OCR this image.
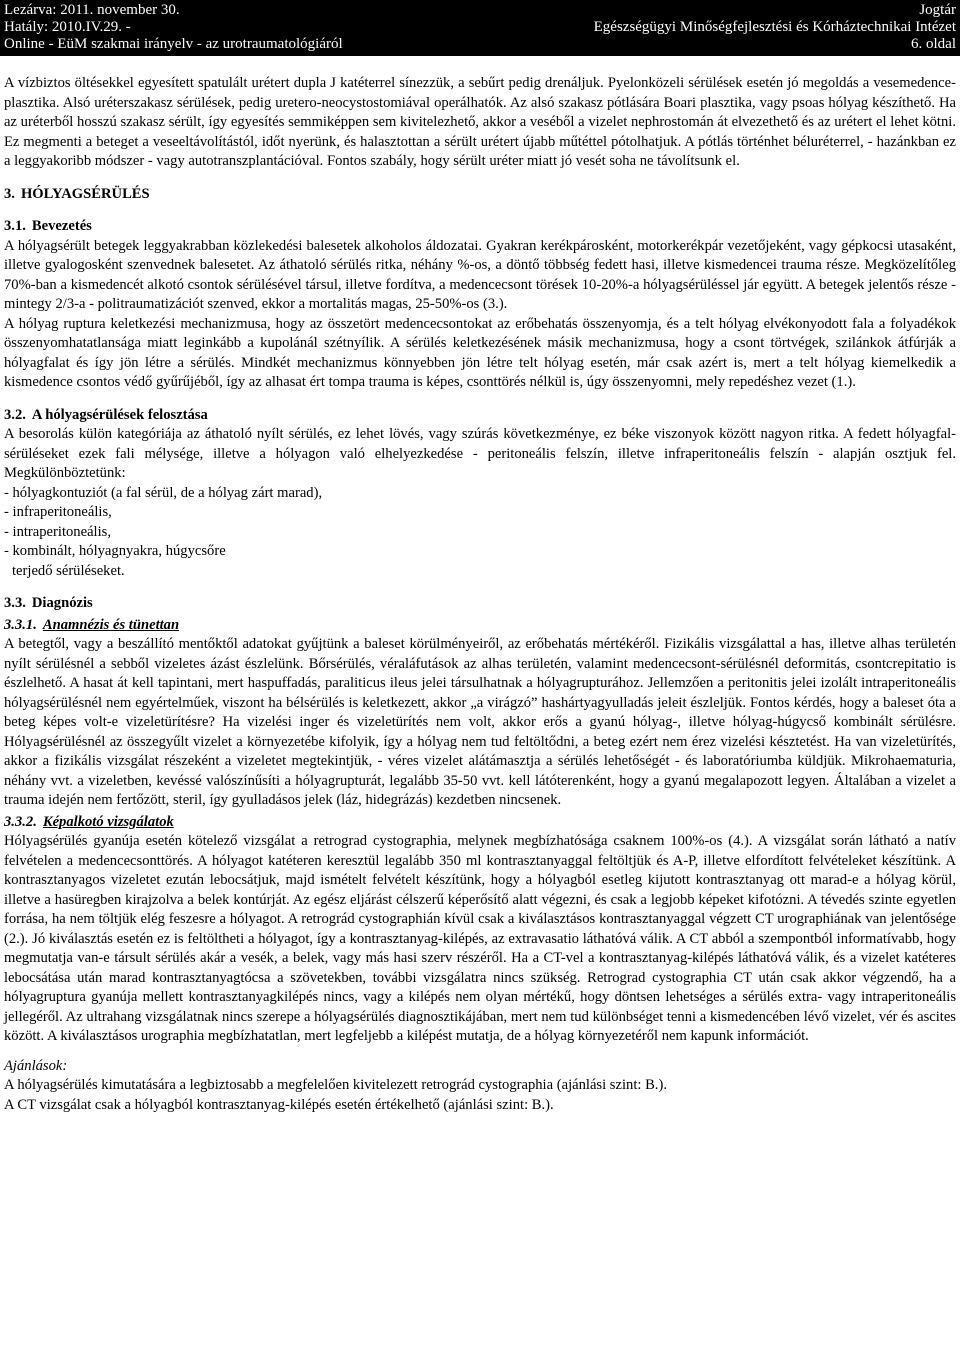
Lezárva: 2011. november 30.
Hatály: 2010.IV.29. -
Online - EüM szakmai irányelv - az urotraumatológiáról
Jogtár
Egészségügyi Minőségfejlesztési és Kórháztechnikai Intézet
6. oldal

A vízbiztos öltésekkel egyesített spatulált urétert dupla J katéterrel sínezzük, a sebűrt pedig drenáljuk. Pyelonközeli sérülések esetén jó megoldás a vesemedence-plasztika. Alsó uréterszakasz sérülések, pedig uretero-neocystostomiával operálhatók. Az alsó szakasz pótlására Boari plasztika, vagy psoas hólyag készíthető. Ha az uréterből hosszú szakasz sérült, így egyesítés semmiképpen sem kivitelezhető, akkor a veséből a vizelet nephrostomán át elvezethető és az urétert el lehet kötni. Ez megmenti a beteget a veseeltávolítástól, időt nyerünk, és halasztottan a sérült urétert újabb műtéttel pótolhatjuk. A pótlás történhet béluréterrel, - hazánkban ez a leggyakoribb módszer - vagy autotranszplantációval. Fontos szabály, hogy sérült uréter miatt jó vesét soha ne távolítsunk el.

3. HÓLYAGSÉRÜLÉS
3.1. Bevezetés

A hólyagsérült betegek leggyakrabban közlekedési balesetek alkoholos áldozatai. Gyakran kerékpárosként, motorkerékpár vezetőjeként, vagy gépkocsi utasaként, illetve gyalogosként szenvednek balesetet. Az áthatoló sérülés ritka, néhány %-os, a döntő többség fedett hasi, illetve kismedencei trauma része. Megközelítőleg 70%-ban a kismedencét alkotó csontok sérülésével társul, illetve fordítva, a medencecsont törések 10-20%-a hólyagsérüléssel jár együtt. A betegek jelentős része - mintegy 2/3-a - politraumatizációt szenved, ekkor a mortalitás magas, 25-50%-os (3.).

A hólyag ruptura keletkezési mechanizmusa, hogy az összetört medencecsontokat az erőbehatás összenyomja, és a telt hólyag elvékonyodott fala a folyadékok összenyomhatatlansága miatt leginkább a kupolánál szétnyílik. A sérülés keletkezésének másik mechanizmusa, hogy a csont törtvégek, szilánkok átfúrják a hólyagfalat és így jön létre a sérülés. Mindkét mechanizmus könnyebben jön létre telt hólyag esetén, már csak azért is, mert a telt hólyag kiemelkedik a kismedence csontos védő gyűrűjéből, így az alhasat ért tompa trauma is képes, csonttörés nélkül is, úgy összenyomni, mely repedéshez vezet (1.).

3.2. A hólyagsérülések felosztása

A besorolás külön kategóriája az áthatoló nyílt sérülés, ez lehet lövés, vagy szúrás következménye, ez béke viszonyok között nagyon ritka. A fedett hólyagfal-sérüléseket ezek fali mélysége, illetve a hólyagon való elhelyezkedése - peritoneális felszín, illetve infraperitoneális felszín - alapján osztjuk fel. Megkülönböztetünk:

- hólyagkontuziót (a fal sérül, de a hólyag zárt marad),
- infraperitoneális,
- intraperitoneális,
- kombinált, hólyagnyakra, húgycsőre
terjedő sérüléseket.
3.3. Diagnózis
3.3.1. Anamnézis és tünettan

A betegtől, vagy a beszállító mentőktől adatokat gyűjtünk a baleset körülményeiről, az erőbehatás mértékéről. Fizikális vizsgálattal a has, illetve alhas területén nyílt sérülésnél a sebből vizeletes ázást észlelünk. Bőrsérülés, véraláfutások az alhas területén, valamint medencecsont-sérülésnél deformitás, csontcrepitatio is észlelhető. A hasat át kell tapintani, mert haspuffadás, paraliticus ileus jelei társulhatnak a hólyagrupturához. Jellemzően a peritonitis jelei izolált intraperitoneális hólyagsérülésnél nem egyértelműek, viszont ha bélsérülés is keletkezett, akkor „a virágzó” hashártyagyulladás jeleit észleljük. Fontos kérdés, hogy a baleset óta a beteg képes volt-e vizeletürítésre? Ha vizelési inger és vizeletürítés nem volt, akkor erős a gyanú hólyag-, illetve hólyag-húgycső kombinált sérülésre. Hólyagsérülésnél az összegyűlt vizelet a környezetébe kifolyik, így a hólyag nem tud feltöltődni, a beteg ezért nem érez vizelési késztetést. Ha van vizeletürítés, akkor a fizikális vizsgálat részeként a vizeletet megtekintjük, - véres vizelet alátámasztja a sérülés lehetőségét - és laboratóriumba küldjük. Mikrohaematuria, néhány vvt. a vizeletben, kevéssé valószínűsíti a hólyagrupturát, legalább 35-50 vvt. kell látóterenként, hogy a gyanú megalapozott legyen. Általában a vizelet a trauma idején nem fertőzött, steril, így gyulladásos jelek (láz, hidegrázás) kezdetben nincsenek.

3.3.2. Képalkotó vizsgálatok

Hólyagsérülés gyanúja esetén kötelező vizsgálat a retrograd cystographia, melynek megbízhatósága csaknem 100%-os (4.). A vizsgálat során látható a natív felvételen a medencecsonttörés. A hólyagot katéteren keresztül legalább 350 ml kontrasztanyaggal feltöltjük és A-P, illetve elfordított felvételeket készítünk. A kontrasztanyagos vizeletet ezután lebocsátjuk, majd ismételt felvételt készítünk, hogy a hólyagból esetleg kijutott kontrasztanyag ott marad-e a hólyag körül, illetve a hasüregben kirajzolva a belek kontúrját. Az egész eljárást célszerű képerősítő alatt végezni, és csak a legjobb képeket kifotózni. A tévedés szinte egyetlen forrása, ha nem töltjük elég feszesre a hólyagot. A retrográd cystographián kívül csak a kiválasztásos kontrasztanyaggal végzett CT urographiának van jelentősége (2.). Jó kiválasztás esetén ez is feltöltheti a hólyagot, így a kontrasztanyag-kilépés, az extravasatio láthatóvá válik. A CT abból a szempontból informatívabb, hogy megmutatja van-e társult sérülés akár a vesék, a belek, vagy más hasi szerv részéről. Ha a CT-vel a kontrasztanyag-kilépés láthatóvá válik, és a vizelet katéteres lebocsátása után marad kontrasztanyagtócsa a szövetekben, további vizsgálatra nincs szükség. Retrograd cystographia CT után csak akkor végzendő, ha a hólyagruptura gyanúja mellett kontrasztanyagkilépés nincs, vagy a kilépés nem olyan mértékű, hogy döntsen lehetséges a sérülés extra- vagy intraperitoneális jellegéről. Az ultrahang vizsgálatnak nincs szerepe a hólyagsérülés diagnosztikájában, mert nem tud különbséget tenni a kismedencében lévő vizelet, vér és ascites között. A kiválasztásos urographia megbízhatatlan, mert legfeljebb a kilépést mutatja, de a hólyag környezetéről nem kapunk információt.

Ajánlások:
A hólyagsérülés kimutatására a legbiztosabb a megfelelően kivitelezett retrográd cystographia (ajánlási szint: B.).
A CT vizsgálat csak a hólyagból kontrasztanyag-kilépés esetén értékelhető (ajánlási szint: B.).
